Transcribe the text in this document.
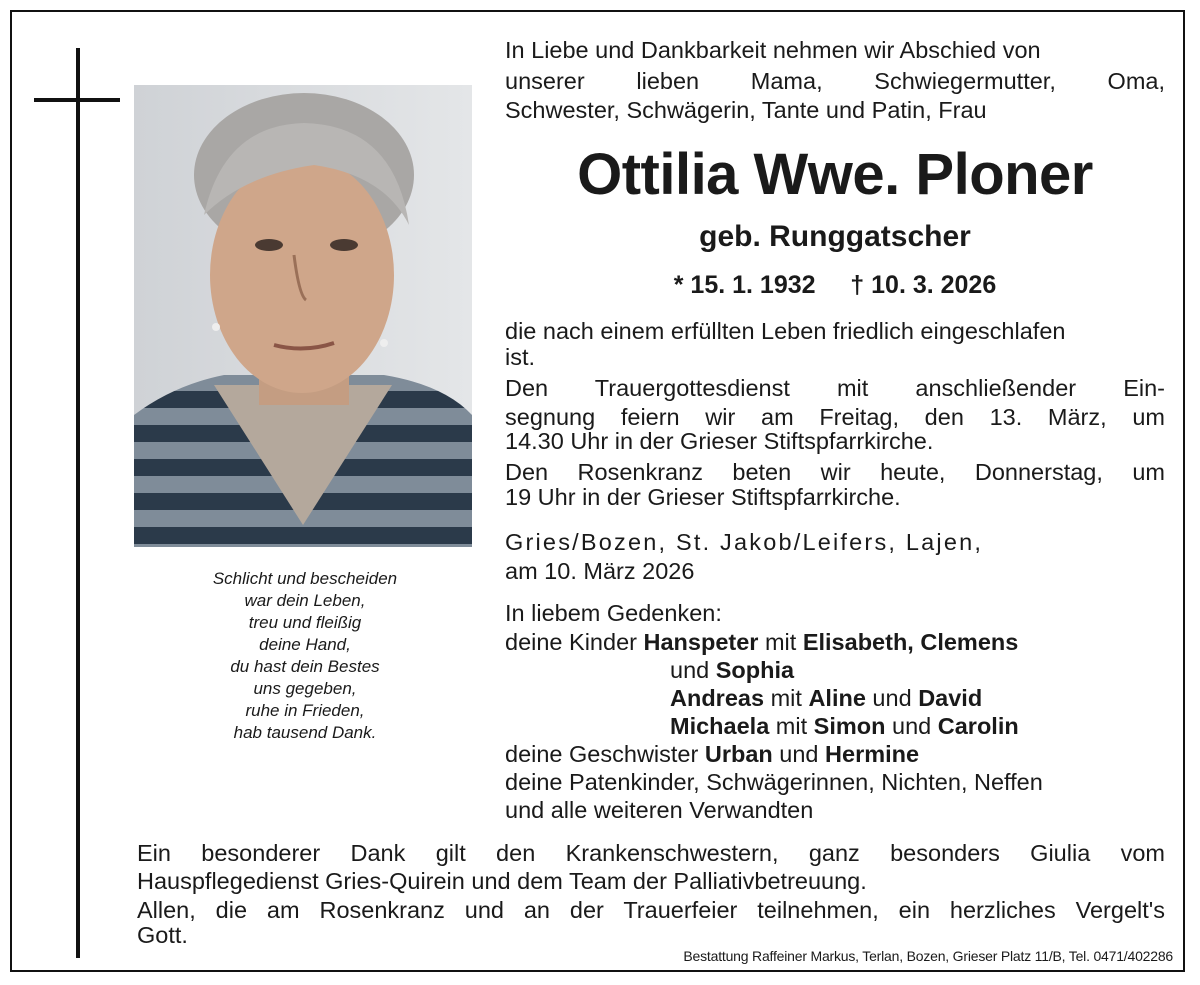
Schlicht und bescheiden
war dein Leben,
treu und fleißig
deine Hand,
du hast dein Bestes
uns gegeben,
ruhe in Frieden,
hab tausend Dank.
In Liebe und Dankbarkeit nehmen wir Abschied von
unserer lieben Mama, Schwiegermutter, Oma,
Schwester, Schwägerin, Tante und Patin, Frau
Ottilia Wwe. Ploner
geb. Runggatscher
* 15. 1. 1932 † 10. 3. 2026
die nach einem erfüllten Leben friedlich eingeschlafen
ist.
Den Trauergottesdienst mit anschließender Ein-
segnung feiern wir am Freitag, den 13. März, um
14.30 Uhr in der Grieser Stiftspfarrkirche.
Den Rosenkranz beten wir heute, Donnerstag, um
19 Uhr in der Grieser Stiftspfarrkirche.
Gries/Bozen, St. Jakob/Leifers, Lajen,
am 10. März 2026
In liebem Gedenken:
deine Kinder Hanspeter mit Elisabeth, Clemens
und Sophia
Andreas mit Aline und David
Michaela mit Simon und Carolin
deine Geschwister Urban und Hermine
deine Patenkinder, Schwägerinnen, Nichten, Neffen
und alle weiteren Verwandten
Ein besonderer Dank gilt den Krankenschwestern, ganz besonders Giulia vom
Hauspflegedienst Gries-Quirein und dem Team der Palliativbetreuung.
Allen, die am Rosenkranz und an der Trauerfeier teilnehmen, ein herzliches Vergelt's
Gott.
Bestattung Raffeiner Markus, Terlan, Bozen, Grieser Platz 11/B, Tel. 0471/402286
